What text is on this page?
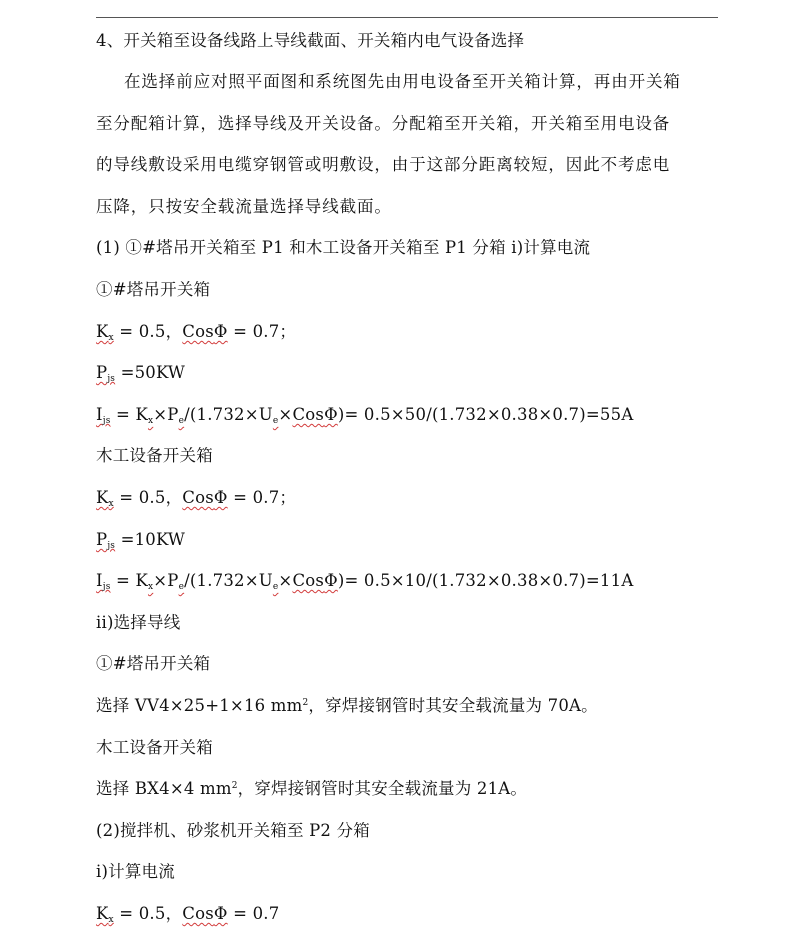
4、开关箱至设备线路上导线截面、开关箱内电气设备选择
在选择前应对照平面图和系统图先由用电设备至开关箱计算，再由开关箱
至分配箱计算，选择导线及开关设备。分配箱至开关箱，开关箱至用电设备
的导线敷设采用电缆穿钢管或明敷设，由于这部分距离较短，因此不考虑电
压降，只按安全载流量选择导线截面。
(1) ①#塔吊开关箱至 P1 和木工设备开关箱至 P1 分箱 i)计算电流
①#塔吊开关箱
$K_x = 0.5$，CosΦ = 0.7；
$P_{js} =50KW$
$I_{js} = K_x\times P_e/(1.732\times U_e\times Cos\Phi)= 0.5\times 50/(1.732\times 0.38\times 0.7)=55A$
木工设备开关箱
$K_x = 0.5$，CosΦ = 0.7；
$P_{js} =10KW$
$I_{js} = K_x\times P_e/(1.732\times U_e\times Cos\Phi)= 0.5\times 10/(1.732\times 0.38\times 0.7)=11A$
ii)选择导线
①#塔吊开关箱
选择 VV4×25+1×16 $mm^2$，穿焊接钢管时其安全载流量为 70A。
木工设备开关箱
选择 BX4×4 $mm^2$，穿焊接钢管时其安全载流量为 21A。
(2)搅拌机、砂浆机开关箱至 P2 分箱
i)计算电流
$K_x = 0.5$，CosΦ = 0.7
